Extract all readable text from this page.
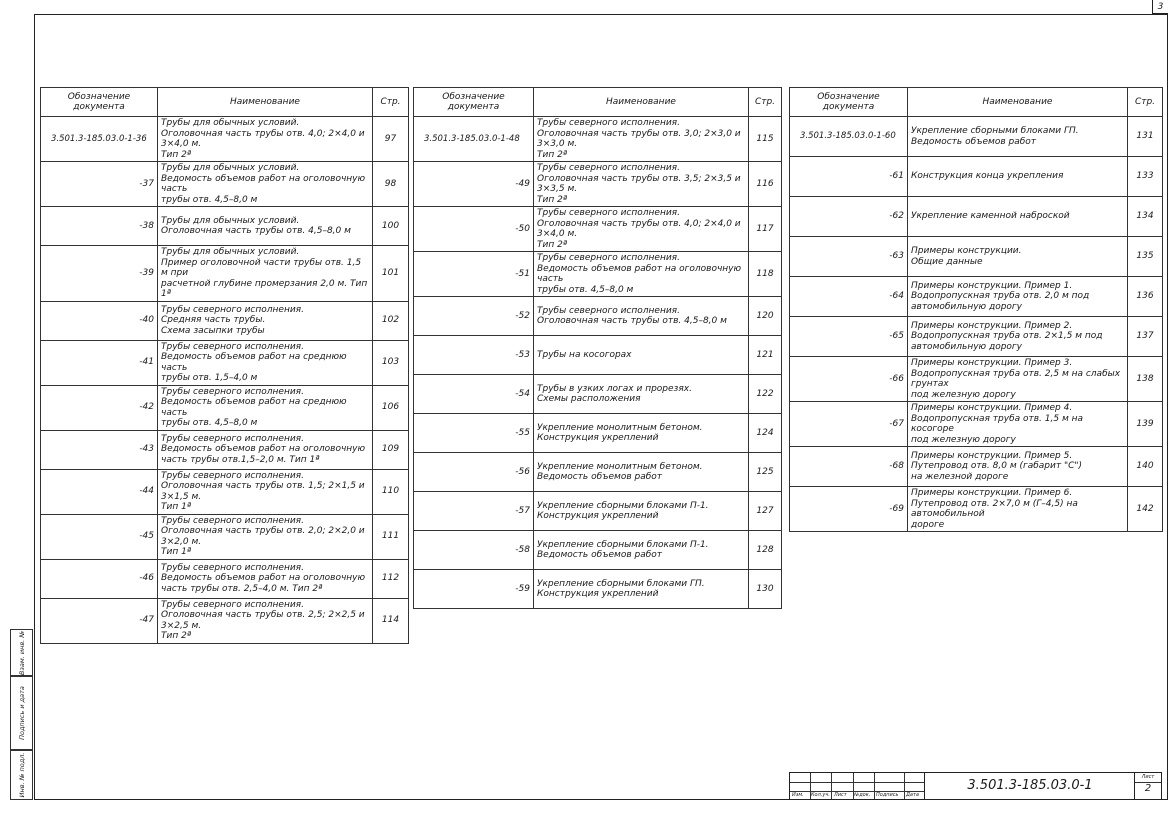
3
Обозначение документа	Наименование	Стр.
3.501.3-185.03.0-1-36	Трубы для обычных условий.
Оголовочная часть трубы отв. 4,0; 2×4,0 и 3×4,0 м.
Тип 2ª	97
-37	Трубы для обычных условий.
Ведомость объемов работ на оголовочную часть
трубы отв. 4,5–8,0 м	98
-38	Трубы для обычных условий.
Оголовочная часть трубы отв. 4,5–8,0 м	100
-39	Трубы для обычных условий.
Пример оголовочной части трубы отв. 1,5 м при
расчетной глубине промерзания 2,0 м. Тип 1ª	101
-40	Трубы северного исполнения.
Средняя часть трубы.
Схема засыпки трубы	102
-41	Трубы северного исполнения.
Ведомость объемов работ на среднюю часть
трубы отв. 1,5–4,0 м	103
-42	Трубы северного исполнения.
Ведомость объемов работ на среднюю часть
трубы отв. 4,5–8,0 м	106
-43	Трубы северного исполнения.
Ведомость объемов работ на оголовочную
часть трубы отв.1,5–2,0 м. Тип 1ª	109
-44	Трубы северного исполнения.
Оголовочная часть трубы отв. 1,5; 2×1,5 и 3×1,5 м.
Тип 1ª	110
-45	Трубы северного исполнения.
Оголовочная часть трубы отв. 2,0; 2×2,0 и 3×2,0 м.
Тип 1ª	111
-46	Трубы северного исполнения.
Ведомость объемов работ на оголовочную
часть трубы отв. 2,5–4,0 м. Тип 2ª	112
-47	Трубы северного исполнения.
Оголовочная часть трубы отв. 2,5; 2×2,5 и 3×2,5 м.
Тип 2ª	114
Обозначение документа	Наименование	Стр.
3.501.3-185.03.0-1-48	Трубы северного исполнения.
Оголовочная часть трубы отв. 3,0; 2×3,0 и 3×3,0 м.
Тип 2ª	115
-49	Трубы северного исполнения.
Оголовочная часть трубы отв. 3,5; 2×3,5 и 3×3,5 м.
Тип 2ª	116
-50	Трубы северного исполнения.
Оголовочная часть трубы отв. 4,0; 2×4,0 и 3×4,0 м.
Тип 2ª	117
-51	Трубы северного исполнения.
Ведомость объемов работ на оголовочную часть
трубы отв. 4,5–8,0 м	118
-52	Трубы северного исполнения.
Оголовочная часть трубы отв. 4,5–8,0 м	120
-53	Трубы на косогорах	121
-54	Трубы в узких логах и прорезях.
Схемы расположения	122
-55	Укрепление монолитным бетоном.
Конструкция укреплений	124
-56	Укрепление монолитным бетоном.
Ведомость объемов работ	125
-57	Укрепление сборными блоками П-1.
Конструкция укреплений	127
-58	Укрепление сборными блоками П-1.
Ведомость объемов работ	128
-59	Укрепление сборными блоками ГП.
Конструкция укреплений	130
Обозначение документа	Наименование	Стр.
3.501.3-185.03.0-1-60	Укрепление сборными блоками ГП.
Ведомость объемов работ	131
-61	Конструкция конца укрепления	133
-62	Укрепление каменной наброской	134
-63	Примеры конструкции.
Общие данные	135
-64	Примеры конструкции. Пример 1.
Водопропускная труба отв. 2,0 м под
автомобильную дорогу	136
-65	Примеры конструкции. Пример 2.
Водопропускная труба отв. 2×1,5 м под
автомобильную дорогу	137
-66	Примеры конструкции. Пример 3.
Водопропускная труба отв. 2,5 м на слабых грунтах
под железную дорогу	138
-67	Примеры конструкции. Пример 4.
Водопропускная труба отв. 1,5 м на косогоре
под железную дорогу	139
-68	Примеры конструкции. Пример 5.
Путепровод отв. 8,0 м (габарит "С")
на железной дороге	140
-69	Примеры конструкции. Пример 6.
Путепровод отв. 2×7,0 м (Г–4,5) на автомобильной
дороге	142
Взам. инв. №
Подпись и дата
Инв. № подл.	Изм. Кол.уч. Лист №док. Подпись Дата
3.501.3-185.03.0-1
Лист
2
